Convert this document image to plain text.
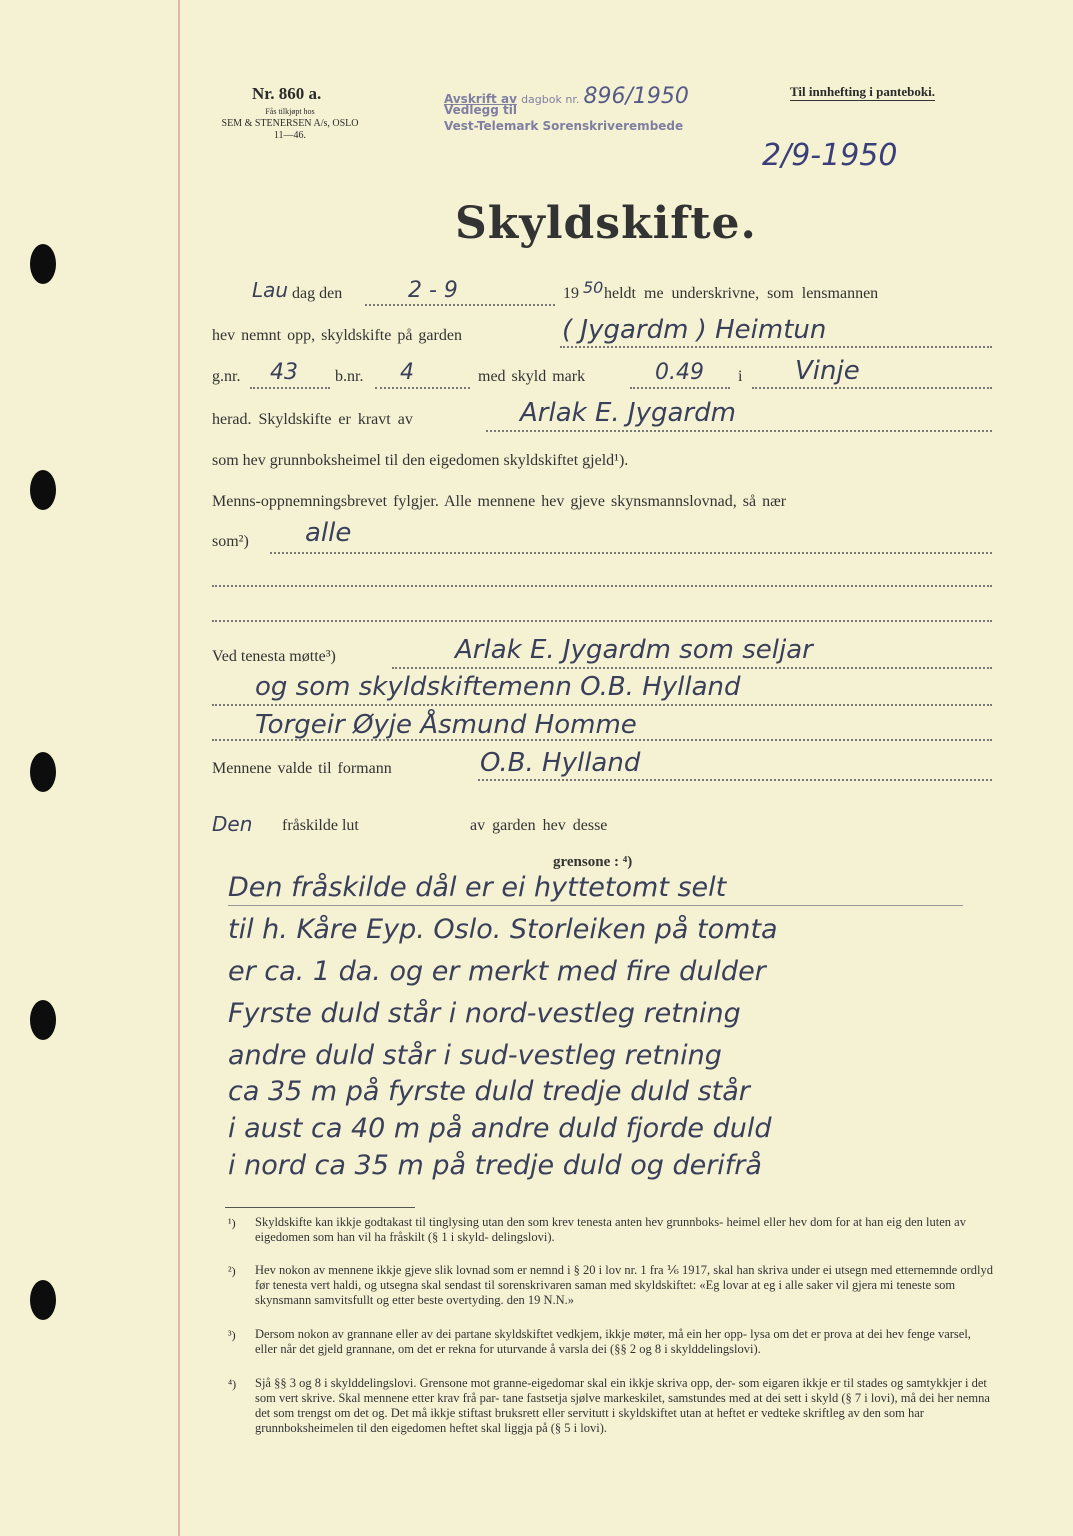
Nr. 860 a.
Fås tilkjøpt hos
SEM & STENERSEN A/s, OSLO
11—46.
Avskrift av dagbok nr. 896/1950
Vedlegg til
Vest-Telemark Sorenskriverembede
2/9-1950
Til innhefting i panteboki.
Skyldskifte.
Lau dag den	2 - 9	19 50 heldt me underskrivne, som lensmannen
hev nemnt opp, skyldskifte på garden	( Jygardm ) Heimtun
g.nr. 43 b.nr. 4	med skyld mark	0.49 i Vinje
herad. Skyldskifte er kravt av	Arlak E. Jygardm
som hev grunnboksheimel til den eigedomen skyldskiftet gjeld¹).
Menns-oppnemningsbrevet fylgjer. Alle mennene hev gjeve skynsmannslovnad, så nær
som²) alle
Ved tenesta møtte³)	Arlak E. Jygardm som seljar
og som skyldskiftemenn O.B. Hylland
Torgeir Øyje Åsmund Homme
Mennene valde til formann	O.B. Hylland
Den fråskilde lut	av garden hev desse
grensone : ⁴)
Den fråskilde dål er ei hyttetomt selt
til h. Kåre Eyp. Oslo. Storleiken på tomta
er ca. 1 da. og er merkt med fire dulder
Fyrste duld står i nord-vestleg retning
andre duld står i sud-vestleg retning
ca 35 m på fyrste duld tredje duld står
i aust ca 40 m på andre duld fjorde duld
i nord ca 35 m på tredje duld og derifrå
¹) Skyldskifte kan ikkje godtakast til tinglysing utan den som krev tenesta anten hev grunnboks- heimel eller hev dom for at han eig den luten av eigedomen som han vil ha fråskilt (§ 1 i skyld- delingslovi).
²) Hev nokon av mennene ikkje gjeve slik lovnad som er nemnd i § 20 i lov nr. 1 fra ⅙ 1917, skal han skriva under ei utsegn med etternemnde ordlyd før tenesta vert haldi, og utsegna skal sendast til sorenskrivaren saman med skyldskiftet: «Eg lovar at eg i alle saker vil gjera mi teneste som skynsmann samvitsfullt og etter beste overtyding. den 19 N.N.»
³) Dersom nokon av grannane eller av dei partane skyldskiftet vedkjem, ikkje møter, må ein her opp- lysa om det er prova at dei hev fenge varsel, eller når det gjeld grannane, om det er rekna for uturvande å varsla dei (§§ 2 og 8 i skylddelingslovi).
⁴) Sjå §§ 3 og 8 i skylddelingslovi. Grensone mot granne-eigedomar skal ein ikkje skriva opp, der- som eigaren ikkje er til stades og samtykkjer i det som vert skrive. Skal mennene etter krav frå par- tane fastsetja sjølve markeskilet, samstundes med at dei sett i skyld (§ 7 i lovi), må dei her nemna det som trengst om det og. Det må ikkje stiftast bruksrett eller servitutt i skyldskiftet utan at heftet er vedteke skriftleg av den som har grunnboksheimelen til den eigedomen heftet skal liggja på (§ 5 i lovi).
